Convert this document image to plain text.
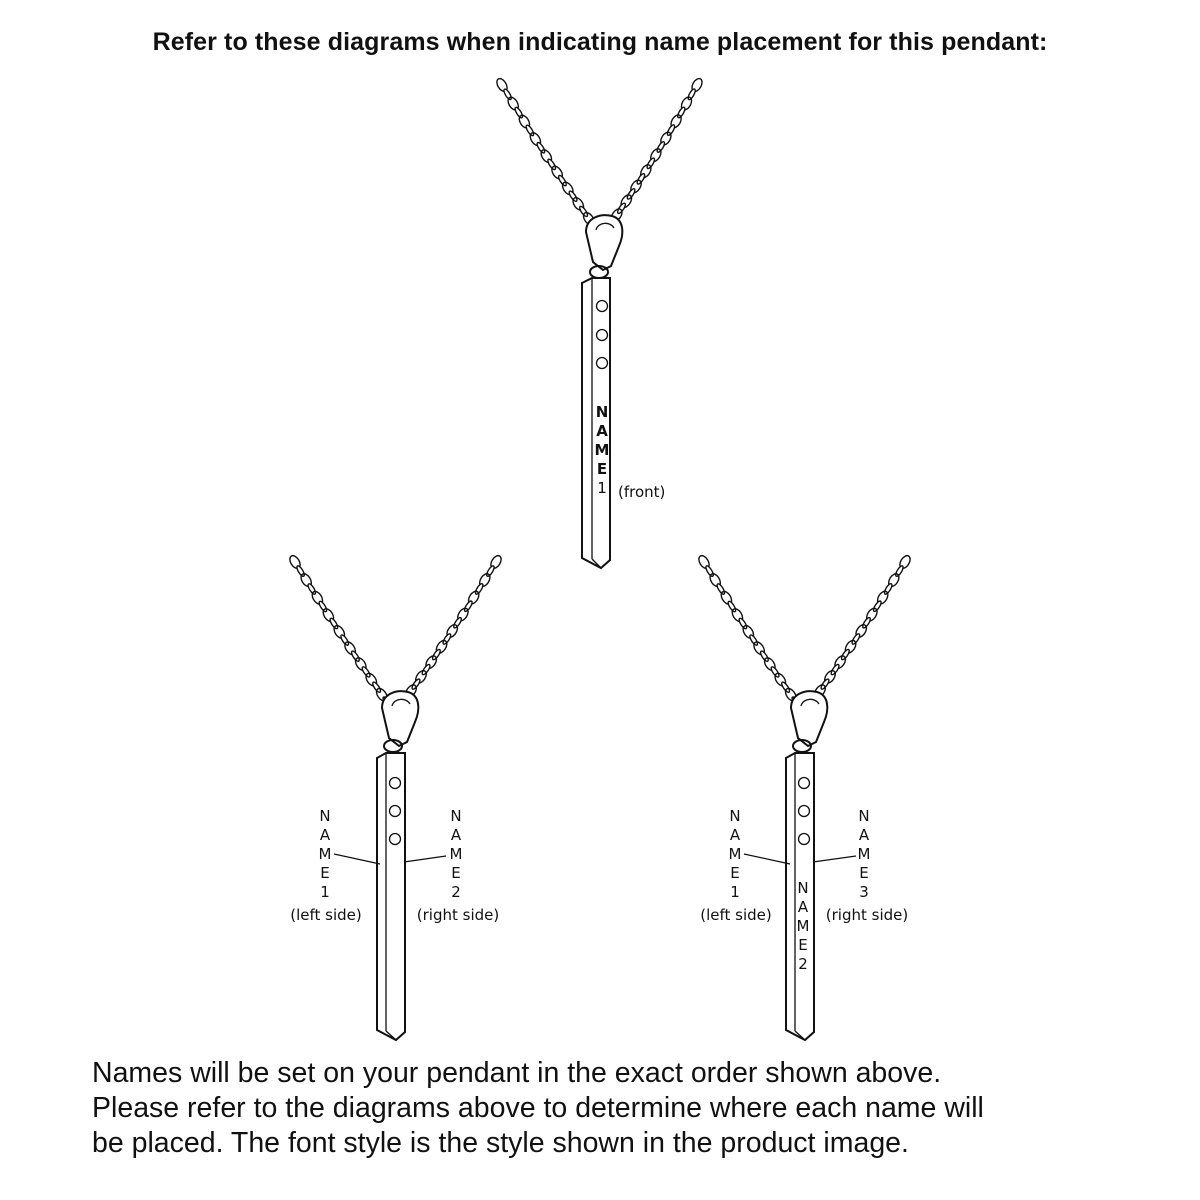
Refer to these diagrams when indicating name placement for this pendant:
N
A
M
E
1 (front)
N
A
M
E
1
N
A
M
E
2
(left side)	(right side)
N
A
M
E
1	N
A
M
E
2
N
A
M
E
3
(left side)	(right side)
Names will be set on your pendant in the exact order shown above.
Please refer to the diagrams above to determine where each name will
be placed. The font style is the style shown in the product image.
